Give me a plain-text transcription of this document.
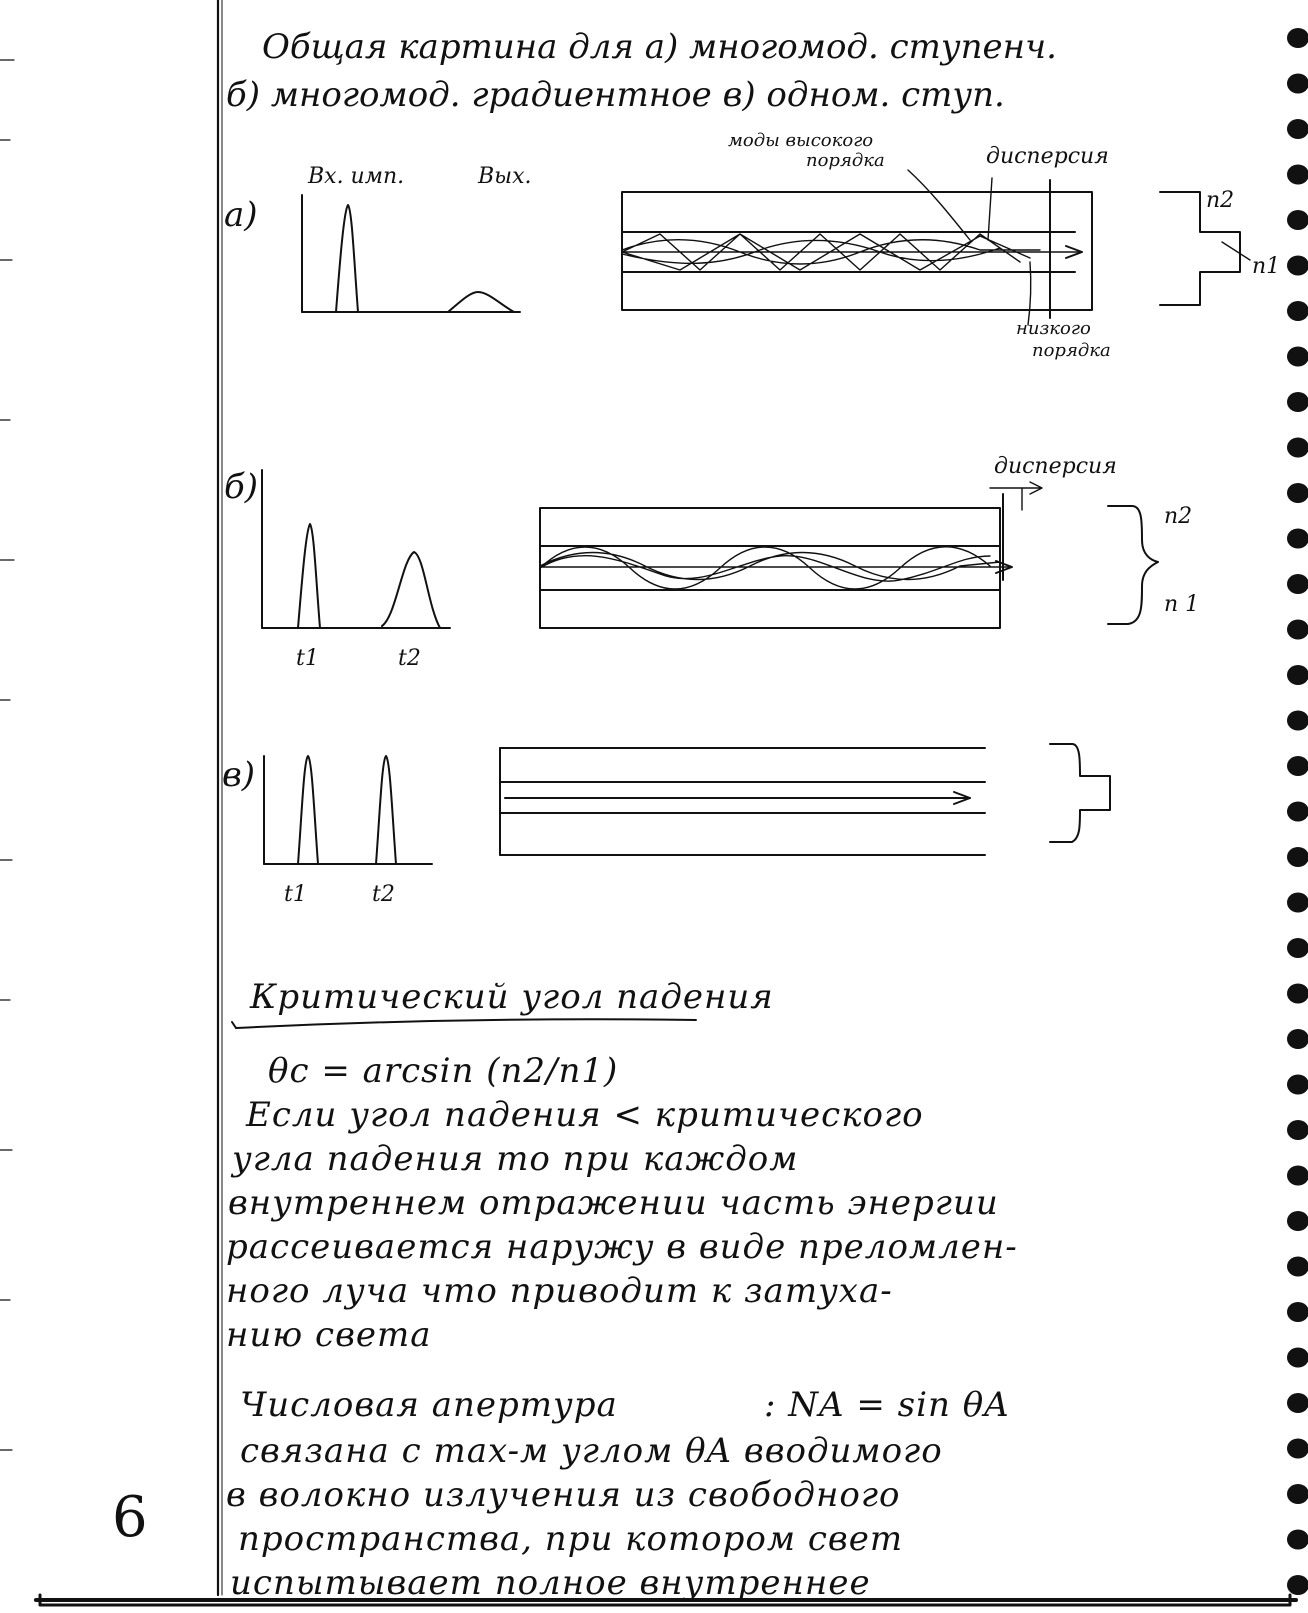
Общая картина для а) многомод. ступенч.

б) многомод. градиентное в) одном. ступ.

а)

Вх. имп.	Вых.

моды высокого

порядка	дисперсия

низкого

порядка

n2

n1

б)

дисперсия

t1	t2

n2

n 1

в)

t1	t2

Критический угол падения

θc = arcsin (n2/n1)

Если угол падения < критического

угла падения то при каждом

внутреннем отражении часть энергии

рассеивается наружу в виде преломлен-

ного луча что приводит к затуха-

нию света

Числовая апертура	: NA = sin θA

связана с max-м углом θA вводимого

в волокно излучения из свободного

пространства, при котором свет

испытывает полное внутреннее

6
